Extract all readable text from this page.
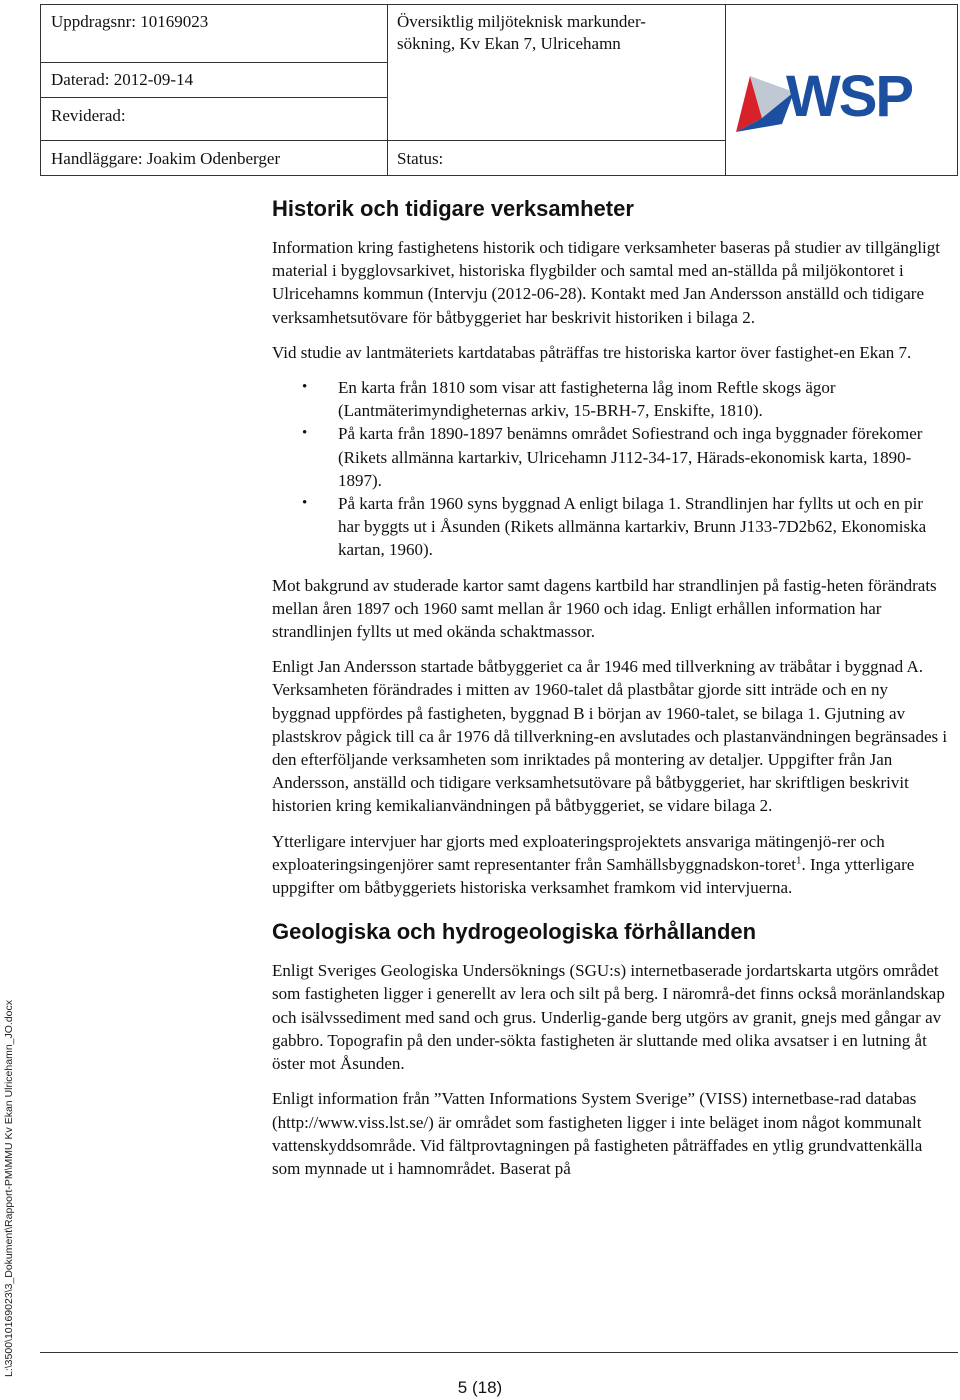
Uppdragsnr: 10169023
Daterad: 2012-09-14
Reviderad:
Handläggare: Joakim Odenberger
Översiktlig miljöteknisk markunder-
sökning, Kv Ekan 7, Ulricehamn
Status:
WSP
L:\3500\10169023\3_Dokument\Rapport-PM\MMU Kv Ekan Ulricehamn_JO.docx
Historik och tidigare verksamheter

Information kring fastighetens historik och tidigare verksamheter baseras på studier av tillgängligt material i bygglovsarkivet, historiska flygbilder och samtal med an-ställda på miljökontoret i Ulricehamns kommun (Intervju (2012-06-28). Kontakt med Jan Andersson anställd och tidigare verksamhetsutövare för båtbyggeriet har beskrivit historiken i bilaga 2.

Vid studie av lantmäteriets kartdatabas påträffas tre historiska kartor över fastighet-en Ekan 7.

• En karta från 1810 som visar att fastigheterna låg inom Reftle skogs ägor (Lantmäterimyndigheternas arkiv, 15-BRH-7, Enskifte, 1810).
• På karta från 1890-1897 benämns området Sofiestrand och inga byggnader förekomer (Rikets allmänna kartarkiv, Ulricehamn J112-34-17, Härads-ekonomisk karta, 1890-1897).
• På karta från 1960 syns byggnad A enligt bilaga 1. Strandlinjen har fyllts ut och en pir har byggts ut i Åsunden (Rikets allmänna kartarkiv, Brunn J133-7D2b62, Ekonomiska kartan, 1960).

Mot bakgrund av studerade kartor samt dagens kartbild har strandlinjen på fastig-heten förändrats mellan åren 1897 och 1960 samt mellan år 1960 och idag. Enligt erhållen information har strandlinjen fyllts ut med okända schaktmassor.

Enligt Jan Andersson startade båtbyggeriet ca år 1946 med tillverkning av träbåtar i byggnad A. Verksamheten förändrades i mitten av 1960-talet då plastbåtar gjorde sitt inträde och en ny byggnad uppfördes på fastigheten, byggnad B i början av 1960-talet, se bilaga 1. Gjutning av plastskrov pågick till ca år 1976 då tillverkning-en avslutades och plastanvändningen begränsades i den efterföljande verksamheten som inriktades på montering av detaljer. Uppgifter från Jan Andersson, anställd och tidigare verksamhetsutövare på båtbyggeriet, har skriftligen beskrivit historien kring kemikalianvändningen på båtbyggeriet, se vidare bilaga 2.

Ytterligare intervjuer har gjorts med exploateringsprojektets ansvariga mätingenjö-rer och exploateringsingenjörer samt representanter från Samhällsbyggnadskon-toret$^1$. Inga ytterligare uppgifter om båtbyggeriets historiska verksamhet framkom vid intervjuerna.

Geologiska och hydrogeologiska förhållanden

Enligt Sveriges Geologiska Undersöknings (SGU:s) internetbaserade jordartskarta utgörs området som fastigheten ligger i generellt av lera och silt på berg. I närområ-det finns också moränlandskap och isälvssediment med sand och grus. Underlig-gande berg utgörs av granit, gnejs med gångar av gabbro. Topografin på den under-sökta fastigheten är sluttande med olika avsatser i en lutning åt öster mot Åsunden.

Enligt information från ”Vatten Informations System Sverige” (VISS) internetbase-rad databas (http://www.viss.lst.se/) är området som fastigheten ligger i inte beläget inom något kommunalt vattenskyddsområde. Vid fältprovtagningen på fastigheten påträffades en ytlig grundvattenkälla som mynnade ut i hamnområdet. Baserat på

5 (18)
